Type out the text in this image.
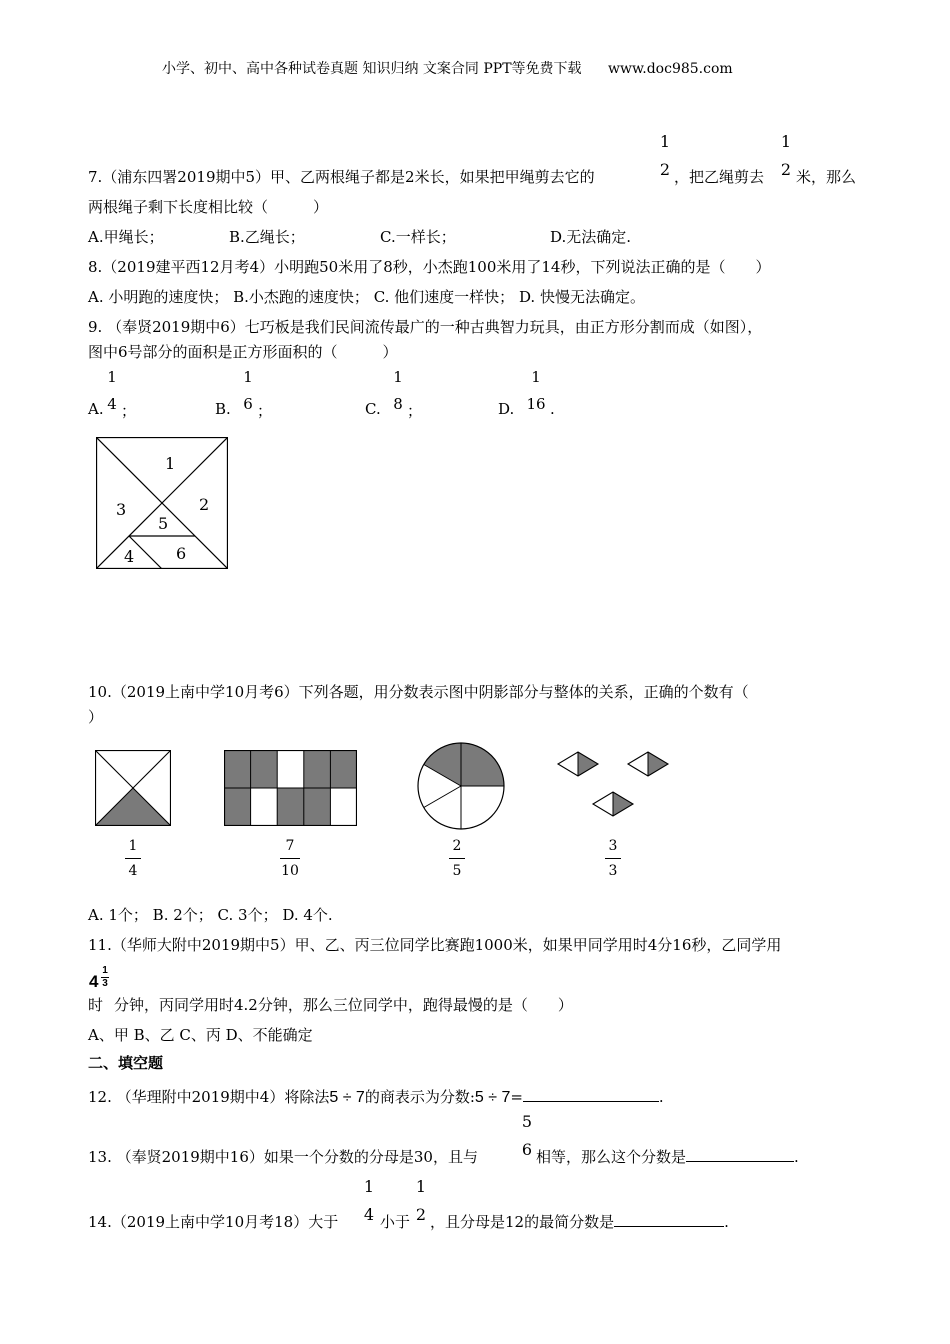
小学、初中、高中各种试卷真题 知识归纳 文案合同 PPT等免费下载 www.doc985.com
7.（浦东四署2019期中5）甲、乙两根绳子都是2米长，如果把甲绳剪去它的
1
2 ，把乙绳剪去
1
2 米，那么
两根绳子剩下长度相比较（　　　）
A.甲绳长；	B.乙绳长；	C.一样长；	D.无法确定.
8.（2019建平西12月考4）小明跑50米用了8秒，小杰跑100米用了14秒，下列说法正确的是（　　）
A. 小明跑的速度快； B.小杰跑的速度快； C. 他们速度一样快； D. 快慢无法确定。
9. （奉贤2019期中6）七巧板是我们民间流传最广的一种古典智力玩具，由正方形分割而成（如图），
图中6号部分的面积是正方形面积的（　　　）
A.
1
4 ；	B.
1
6 ；	C.
1
8 ；	D.
1
16 .
1
2
3
4
5
6
10.（2019上南中学10月考6）下列各题，用分数表示图中阴影部分与整体的关系，正确的个数有（
）
1
4
7
10
2
5
3
3
A. 1个； B. 2个； C. 3个； D. 4个.
11.（华师大附中2019期中5）甲、乙、丙三位同学比赛跑1000米，如果甲同学用时4分16秒，乙同学用
时
4
1
3
分钟，丙同学用时4.2分钟，那么三位同学中，跑得最慢的是（　　）
A、甲 B、乙 C、丙 D、不能确定
二、填空题
12. （华理附中2019期中4）将除法5 ÷ 7的商表示为分数:5 ÷ 7=	.
13. （奉贤2019期中16）如果一个分数的分母是30，且与
5
6 相等，那么这个分数是	.
14.（2019上南中学10月考18）大于
1
4 小于
1
2 ，且分母是12的最简分数是	.
